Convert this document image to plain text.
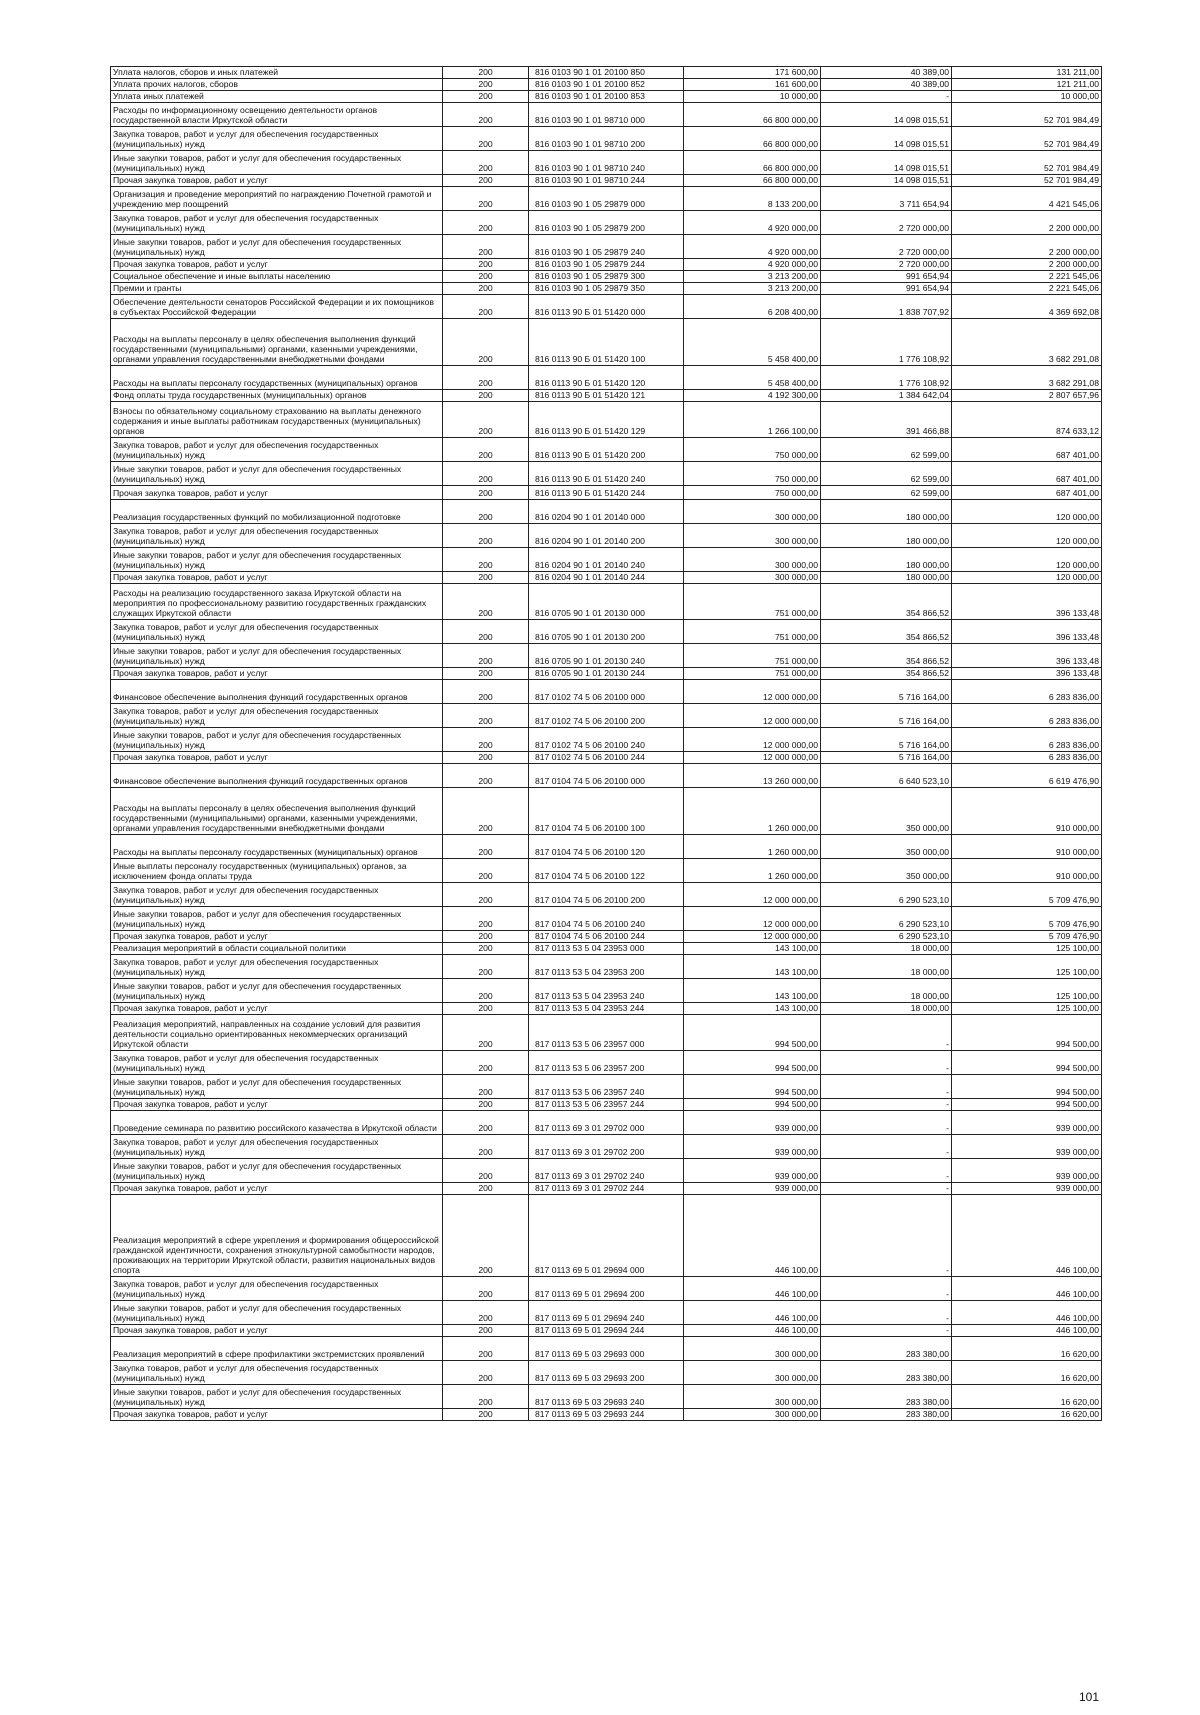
Уплата налогов, сборов и иных платежей	200	816 0103 90 1 01 20100 850	171 600,00	40 389,00	131 211,00
Уплата прочих налогов, сборов	200	816 0103 90 1 01 20100 852	161 600,00	40 389,00	121 211,00
Уплата иных платежей	200	816 0103 90 1 01 20100 853	10 000,00	-	10 000,00
Расходы по информационному освещению деятельности органов государственной власти Иркутской области	200	816 0103 90 1 01 98710 000	66 800 000,00	14 098 015,51	52 701 984,49
Закупка товаров, работ и услуг для обеспечения государственных (муниципальных) нужд	200	816 0103 90 1 01 98710 200	66 800 000,00	14 098 015,51	52 701 984,49
Иные закупки товаров, работ и услуг для обеспечения государственных (муниципальных) нужд	200	816 0103 90 1 01 98710 240	66 800 000,00	14 098 015,51	52 701 984,49
Прочая закупка товаров, работ и услуг	200	816 0103 90 1 01 98710 244	66 800 000,00	14 098 015,51	52 701 984,49
Организация и проведение мероприятий по награждению Почетной грамотой и учреждению мер поощрений	200	816 0103 90 1 05 29879 000	8 133 200,00	3 711 654,94	4 421 545,06
Закупка товаров, работ и услуг для обеспечения государственных (муниципальных) нужд	200	816 0103 90 1 05 29879 200	4 920 000,00	2 720 000,00	2 200 000,00
Иные закупки товаров, работ и услуг для обеспечения государственных (муниципальных) нужд	200	816 0103 90 1 05 29879 240	4 920 000,00	2 720 000,00	2 200 000,00
Прочая закупка товаров, работ и услуг	200	816 0103 90 1 05 29879 244	4 920 000,00	2 720 000,00	2 200 000,00
Социальное обеспечение и иные выплаты населению	200	816 0103 90 1 05 29879 300	3 213 200,00	991 654,94	2 221 545,06
Премии и гранты	200	816 0103 90 1 05 29879 350	3 213 200,00	991 654,94	2 221 545,06
Обеспечение деятельности сенаторов Российской Федерации и их помощников в субъектах Российской Федерации	200	816 0113 90 Б 01 51420 000	6 208 400,00	1 838 707,92	4 369 692,08
Расходы на выплаты персоналу в целях обеспечения выполнения функций государственными (муниципальными) органами, казенными учреждениями, органами управления государственными внебюджетными фондами	200	816 0113 90 Б 01 51420 100	5 458 400,00	1 776 108,92	3 682 291,08
Расходы на выплаты персоналу государственных (муниципальных) органов	200	816 0113 90 Б 01 51420 120	5 458 400,00	1 776 108,92	3 682 291,08
Фонд оплаты труда государственных (муниципальных) органов	200	816 0113 90 Б 01 51420 121	4 192 300,00	1 384 642,04	2 807 657,96
Взносы по обязательному социальному страхованию на выплаты денежного содержания и иные выплаты работникам государственных (муниципальных) органов	200	816 0113 90 Б 01 51420 129	1 266 100,00	391 466,88	874 633,12
Закупка товаров, работ и услуг для обеспечения государственных (муниципальных) нужд	200	816 0113 90 Б 01 51420 200	750 000,00	62 599,00	687 401,00
Иные закупки товаров, работ и услуг для обеспечения государственных (муниципальных) нужд	200	816 0113 90 Б 01 51420 240	750 000,00	62 599,00	687 401,00
Прочая закупка товаров, работ и услуг	200	816 0113 90 Б 01 51420 244	750 000,00	62 599,00	687 401,00
Реализация государственных функций по мобилизационной подготовке	200	816 0204 90 1 01 20140 000	300 000,00	180 000,00	120 000,00
Закупка товаров, работ и услуг для обеспечения государственных (муниципальных) нужд	200	816 0204 90 1 01 20140 200	300 000,00	180 000,00	120 000,00
Иные закупки товаров, работ и услуг для обеспечения государственных (муниципальных) нужд	200	816 0204 90 1 01 20140 240	300 000,00	180 000,00	120 000,00
Прочая закупка товаров, работ и услуг	200	816 0204 90 1 01 20140 244	300 000,00	180 000,00	120 000,00
Расходы на реализацию государственного заказа Иркутской области на мероприятия по профессиональному развитию государственных гражданских служащих Иркутской области	200	816 0705 90 1 01 20130 000	751 000,00	354 866,52	396 133,48
Закупка товаров, работ и услуг для обеспечения государственных (муниципальных) нужд	200	816 0705 90 1 01 20130 200	751 000,00	354 866,52	396 133,48
Иные закупки товаров, работ и услуг для обеспечения государственных (муниципальных) нужд	200	816 0705 90 1 01 20130 240	751 000,00	354 866,52	396 133,48
Прочая закупка товаров, работ и услуг	200	816 0705 90 1 01 20130 244	751 000,00	354 866,52	396 133,48
Финансовое обеспечение выполнения функций государственных органов	200	817 0102 74 5 06 20100 000	12 000 000,00	5 716 164,00	6 283 836,00
Закупка товаров, работ и услуг для обеспечения государственных (муниципальных) нужд	200	817 0102 74 5 06 20100 200	12 000 000,00	5 716 164,00	6 283 836,00
Иные закупки товаров, работ и услуг для обеспечения государственных (муниципальных) нужд	200	817 0102 74 5 06 20100 240	12 000 000,00	5 716 164,00	6 283 836,00
Прочая закупка товаров, работ и услуг	200	817 0102 74 5 06 20100 244	12 000 000,00	5 716 164,00	6 283 836,00
Финансовое обеспечение выполнения функций государственных органов	200	817 0104 74 5 06 20100 000	13 260 000,00	6 640 523,10	6 619 476,90
Расходы на выплаты персоналу в целях обеспечения выполнения функций государственными (муниципальными) органами, казенными учреждениями, органами управления государственными внебюджетными фондами	200	817 0104 74 5 06 20100 100	1 260 000,00	350 000,00	910 000,00
Расходы на выплаты персоналу государственных (муниципальных) органов	200	817 0104 74 5 06 20100 120	1 260 000,00	350 000,00	910 000,00
Иные выплаты персоналу государственных (муниципальных) органов, за исключением фонда оплаты труда	200	817 0104 74 5 06 20100 122	1 260 000,00	350 000,00	910 000,00
Закупка товаров, работ и услуг для обеспечения государственных (муниципальных) нужд	200	817 0104 74 5 06 20100 200	12 000 000,00	6 290 523,10	5 709 476,90
Иные закупки товаров, работ и услуг для обеспечения государственных (муниципальных) нужд	200	817 0104 74 5 06 20100 240	12 000 000,00	6 290 523,10	5 709 476,90
Прочая закупка товаров, работ и услуг	200	817 0104 74 5 06 20100 244	12 000 000,00	6 290 523,10	5 709 476,90
Реализация мероприятий в области социальной политики	200	817 0113 53 5 04 23953 000	143 100,00	18 000,00	125 100,00
Закупка товаров, работ и услуг для обеспечения государственных (муниципальных) нужд	200	817 0113 53 5 04 23953 200	143 100,00	18 000,00	125 100,00
Иные закупки товаров, работ и услуг для обеспечения государственных (муниципальных) нужд	200	817 0113 53 5 04 23953 240	143 100,00	18 000,00	125 100,00
Прочая закупка товаров, работ и услуг	200	817 0113 53 5 04 23953 244	143 100,00	18 000,00	125 100,00
Реализация мероприятий, направленных на создание условий для развития деятельности социально ориентированных некоммерческих организаций Иркутской области	200	817 0113 53 5 06 23957 000	994 500,00	-	994 500,00
Закупка товаров, работ и услуг для обеспечения государственных (муниципальных) нужд	200	817 0113 53 5 06 23957 200	994 500,00	-	994 500,00
Иные закупки товаров, работ и услуг для обеспечения государственных (муниципальных) нужд	200	817 0113 53 5 06 23957 240	994 500,00	-	994 500,00
Прочая закупка товаров, работ и услуг	200	817 0113 53 5 06 23957 244	994 500,00	-	994 500,00
Проведение семинара по развитию российского казачества в Иркутской области	200	817 0113 69 3 01 29702 000	939 000,00	-	939 000,00
Закупка товаров, работ и услуг для обеспечения государственных (муниципальных) нужд	200	817 0113 69 3 01 29702 200	939 000,00	-	939 000,00
Иные закупки товаров, работ и услуг для обеспечения государственных (муниципальных) нужд	200	817 0113 69 3 01 29702 240	939 000,00	-	939 000,00
Прочая закупка товаров, работ и услуг	200	817 0113 69 3 01 29702 244	939 000,00	-	939 000,00
Реализация мероприятий в сфере укрепления и формирования общероссийской гражданской идентичности, сохранения этнокультурной самобытности народов, проживающих на территории Иркутской области, развития национальных видов спорта	200	817 0113 69 5 01 29694 000	446 100,00	-	446 100,00
Закупка товаров, работ и услуг для обеспечения государственных (муниципальных) нужд	200	817 0113 69 5 01 29694 200	446 100,00	-	446 100,00
Иные закупки товаров, работ и услуг для обеспечения государственных (муниципальных) нужд	200	817 0113 69 5 01 29694 240	446 100,00	-	446 100,00
Прочая закупка товаров, работ и услуг	200	817 0113 69 5 01 29694 244	446 100,00	-	446 100,00
Реализация мероприятий в сфере профилактики экстремистских проявлений	200	817 0113 69 5 03 29693 000	300 000,00	283 380,00	16 620,00
Закупка товаров, работ и услуг для обеспечения государственных (муниципальных) нужд	200	817 0113 69 5 03 29693 200	300 000,00	283 380,00	16 620,00
Иные закупки товаров, работ и услуг для обеспечения государственных (муниципальных) нужд	200	817 0113 69 5 03 29693 240	300 000,00	283 380,00	16 620,00
Прочая закупка товаров, работ и услуг	200	817 0113 69 5 03 29693 244	300 000,00	283 380,00	16 620,00
101
